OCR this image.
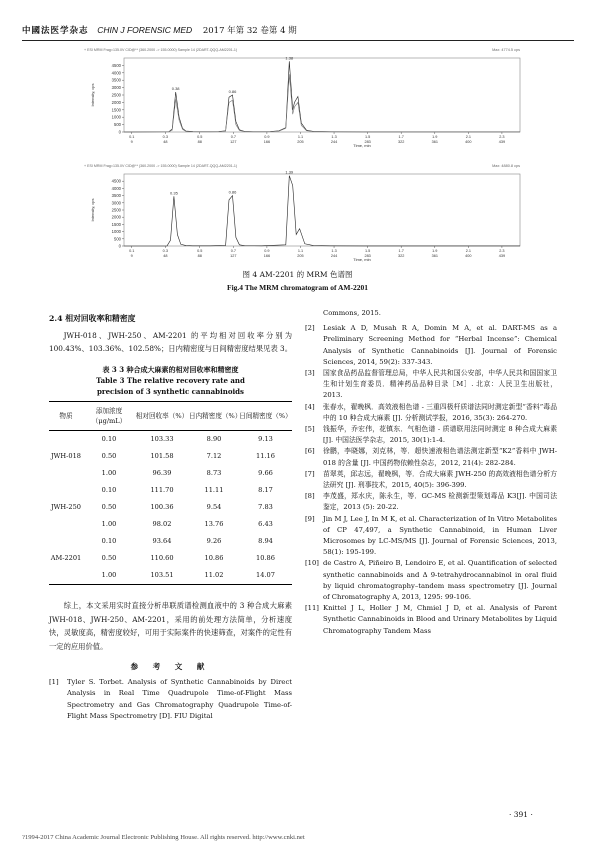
中國法医学杂志 CHIN J FORENSIC MED 2017 年第 32 卷第 4 期
+ ESI MRM Frag=135.0V CID@** (360.2000 -> 155.0000) Sample 14 (2DART-QQQ-AM2201-1)	Max: 4774.5 cps
0
500
1000
1500
2000
2500
3000
3500
4000
4500
0.1
9
0.3
48
0.5
88
0.7
127
0.9
166
1.1
205
1.3
244
1.5
283
1.7
322
1.9
361
2.1
400
2.3
439
Time, min
Intensity, cps	0.38
0.86
1.38
+ ESI MRM Frag=135.0V CID@** (360.2000 -> 155.0000) Sample 14 (2DART-QQQ-AM2201-1)	Max: 4880.8 cps
0
500
1000
1500
2000
2500
3000
3500
4000
4500
0.1
9
0.3
48
0.5
88
0.7
127
0.9
166
1.1
205
1.3
244
1.5
283
1.7
322
1.9
361
2.1
400
2.3
439
Time, min
Intensity, cps
0.35	0.86
1.39
图 4 AM-2201 的 MRM 色谱图
Fig.4 The MRM chromatogram of AM-2201
2.4 相对回收率和精密度

JWH-018、JWH-250、AM-2201 的平均相对回收率分别为 100.43%、103.36%、102.58%；日内精密度与日间精密度结果见表 3。

表 3 3 种合成大麻素的相对回收率和精密度
Table 3 The relative recovery rate and precision of 3 synthetic cannabinoids
物质	添加浓度（μg/mL）	相对回收率（%）	日内精密度（%）	日间精密度（%）
JWH-018	0.10	103.33	8.90	9.13
	0.50	101.58	7.12	11.16
	1.00	96.39	8.73	9.66
JWH-250	0.10	111.70	11.11	8.17
	0.50	100.36	9.54	7.83
	1.00	98.02	13.76	6.43
AM-2201	0.10	93.64	9.26	8.94
	0.50	110.60	10.86	10.86
	1.00	103.51	11.02	14.07

综上，本文采用实时直接分析串联质谱检测血液中的 3 种合成大麻素 JWH-018、JWH-250、AM-2201，采用的前处理方法简单，分析速度快，灵敏度高，精密度较好，可用于实际案件的快速筛查，对案件的定性有一定的应用价值。

参 考 文 献
[1]	Tyler S. Torbet. Analysis of Synthetic Cannabinoids by Direct Analysis in Real Time Quadrupole Time-of-Flight Mass Spectrometry and Gas Chromatography Quadrupole Time-of-Flight Mass Spectrometry [D]. FIU Digital
Commons, 2015.
[2]	Lesiak A D, Musah R A, Domin M A, et al. DART-MS as a Preliminary Screening Method for “Herbal Incense”: Chemical Analysis of Synthetic Cannabinoids [J]. Journal of Forensic Sciences, 2014, 59(2): 337-343.
[3]	国家食品药品监督管理总局，中华人民共和国公安部，中华人民共和国国家卫生和计划生育委员．精神药品品种目录［M］. 北京：人民卫生出版社，2013.
[4]	张春水，翟晚枫．高效液相色谱 - 三重四极杆质谱法同时测定新型“香料”毒品中的 10 种合成大麻素 [J]. 分析测试学报，2016, 35(3): 264-270.
[5]	钱振华，乔宏伟，花镇东．气相色谱 - 质谱联用法同时测定 8 种合成大麻素 [J]. 中国法医学杂志，2015, 30(1):1-4.
[6]	徐鹏，李晓娜，刘克林，等．超快速液相色谱法测定新型“K2”香料中 JWH-018 的含量 [J]. 中国药物依赖性杂志，2012, 21(4): 282-284.
[7]	苗翠英，邱志远，翟晚枫，等．合成大麻素 JWH-250 的高效液相色谱分析方法研究 [J]. 刑事技术，2015, 40(5): 396-399.
[8]	李茂盛，郑水庆，陈永生，等．GC-MS 检测新型策划毒品 K3[J]. 中国司法鉴定，2013 (5): 20-22.
[9]	Jin M J, Lee J, In M K, et al. Characterization of In Vitro Metabolites of CP 47,497, a Synthetic Cannabinoid, in Human Liver Microsomes by LC-MS/MS [J]. Journal of Forensic Sciences, 2013, 58(1): 195-199.
[10] de Castro A, Piñeiro B, Lendoiro E, et al. Quantification of selected synthetic cannabinoids and Δ 9-tetrahydrocannabinol in oral fluid by liquid chromatography–tandem mass spectrometry [J]. Journal of Chromatography A, 2013, 1295: 99-106.
[11] Knittel J L, Holler J M, Chmiel J D, et al. Analysis of Parent Synthetic Cannabinoids in Blood and Urinary Metabolites by Liquid Chromatography Tandem Mass
· 391 ·
?1994-2017 China Academic Journal Electronic Publishing House. All rights reserved. http://www.cnki.net
